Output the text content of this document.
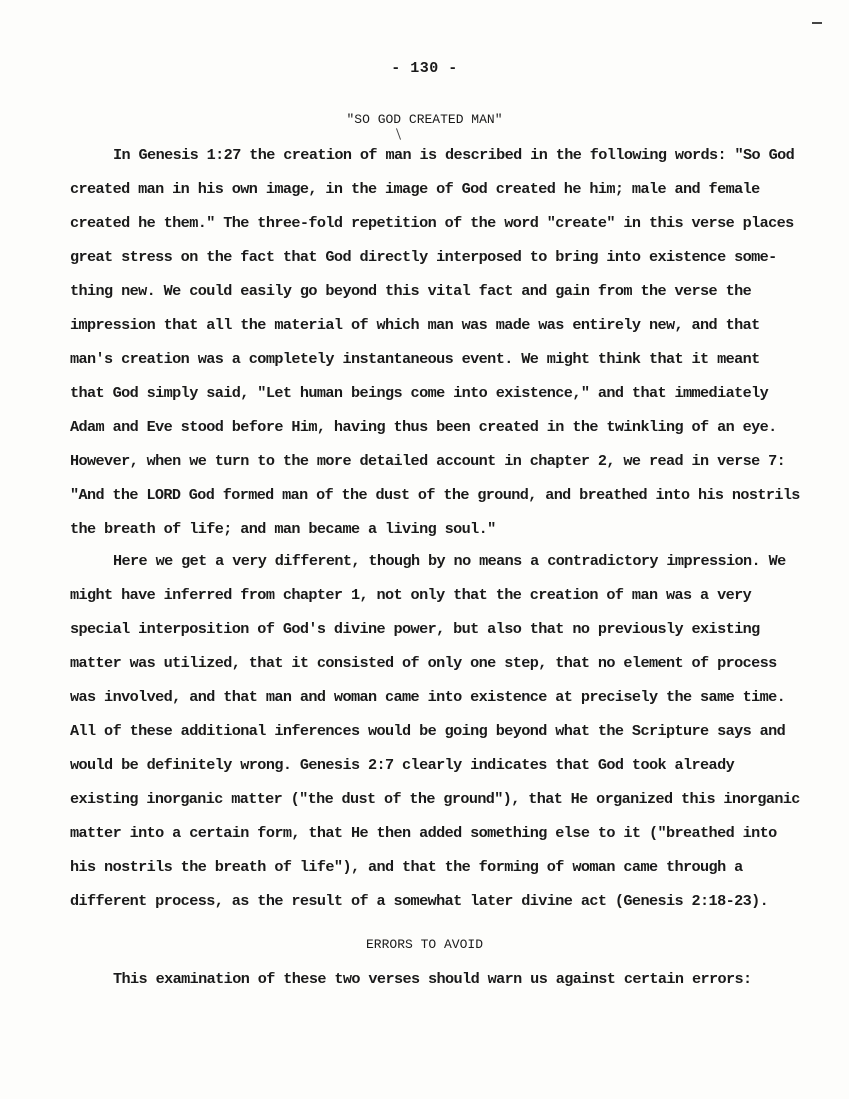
- 130 -
"SO GOD CREATED MAN"
In Genesis 1:27 the creation of man is described in the following words: "So God
created man in his own image, in the image of God created he him; male and female
created he them." The three-fold repetition of the word "create" in this verse places
great stress on the fact that God directly interposed to bring into existence some-
thing new. We could easily go beyond this vital fact and gain from the verse the
impression that all the material of which man was made was entirely new, and that
man's creation was a completely instantaneous event. We might think that it meant
that God simply said, "Let human beings come into existence," and that immediately
Adam and Eve stood before Him, having thus been created in the twinkling of an eye.
However, when we turn to the more detailed account in chapter 2, we read in verse 7:
"And the LORD God formed man of the dust of the ground, and breathed into his nostrils
the breath of life; and man became a living soul."
Here we get a very different, though by no means a contradictory impression. We
might have inferred from chapter 1, not only that the creation of man was a very
special interposition of God's divine power, but also that no previously existing
matter was utilized, that it consisted of only one step, that no element of process
was involved, and that man and woman came into existence at precisely the same time.
All of these additional inferences would be going beyond what the Scripture says and
would be definitely wrong. Genesis 2:7 clearly indicates that God took already
existing inorganic matter ("the dust of the ground"), that He organized this inorganic
matter into a certain form, that He then added something else to it ("breathed into
his nostrils the breath of life"), and that the forming of woman came through a
different process, as the result of a somewhat later divine act (Genesis 2:18-23).
ERRORS TO AVOID
This examination of these two verses should warn us against certain errors:
